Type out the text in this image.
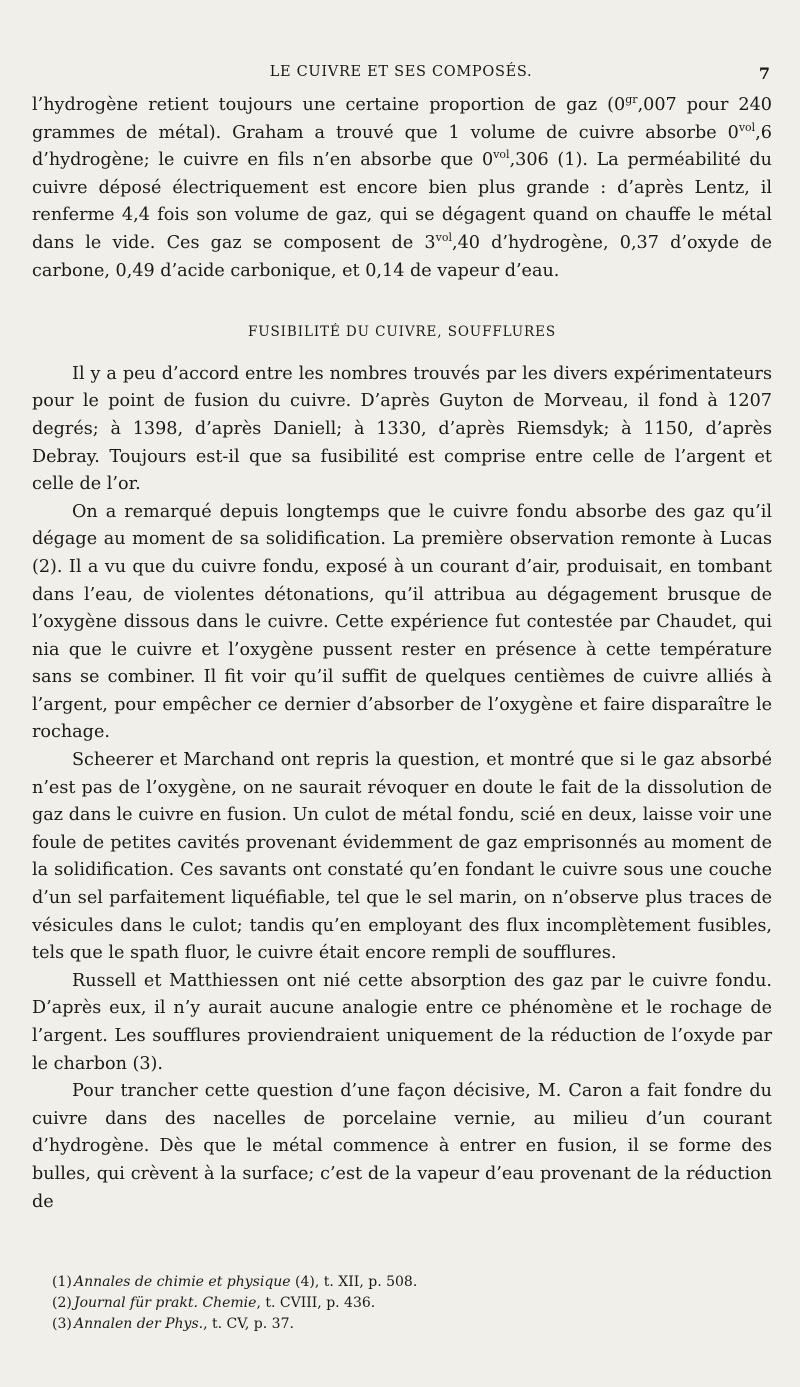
LE CUIVRE ET SES COMPOSÉS.	7

l’hydrogène retient toujours une certaine proportion de gaz ($0^{gr},007$ pour 240 grammes de métal). Graham a trouvé que 1 volume de cuivre absorbe $0^{vol},6$ d’hydrogène; le cuivre en fils n’en absorbe que $0^{vol},306$ (1). La perméabilité du cuivre déposé électriquement est encore bien plus grande : d’après Lentz, il renferme 4,4 fois son volume de gaz, qui se dégagent quand on chauffe le métal dans le vide. Ces gaz se composent de $3^{vol},40$ d’hydrogène, 0,37 d’oxyde de carbone, 0,49 d’acide carbonique, et 0,14 de vapeur d’eau.

FUSIBILITÉ DU CUIVRE, SOUFFLURES

Il y a peu d’accord entre les nombres trouvés par les divers expérimentateurs pour le point de fusion du cuivre. D’après Guyton de Morveau, il fond à 1207 degrés; à 1398, d’après Daniell; à 1330, d’après Riemsdyk; à 1150, d’après Debray. Toujours est-il que sa fusibilité est comprise entre celle de l’argent et celle de l’or.

On a remarqué depuis longtemps que le cuivre fondu absorbe des gaz qu’il dégage au moment de sa solidification. La première observation remonte à Lucas (2). Il a vu que du cuivre fondu, exposé à un courant d’air, produisait, en tombant dans l’eau, de violentes détonations, qu’il attribua au dégagement brusque de l’oxygène dissous dans le cuivre. Cette expérience fut contestée par Chaudet, qui nia que le cuivre et l’oxygène pussent rester en présence à cette température sans se combiner. Il fit voir qu’il suffit de quelques centièmes de cuivre alliés à l’argent, pour empêcher ce dernier d’absorber de l’oxygène et faire disparaître le rochage.

Scheerer et Marchand ont repris la question, et montré que si le gaz absorbé n’est pas de l’oxygène, on ne saurait révoquer en doute le fait de la dissolution de gaz dans le cuivre en fusion. Un culot de métal fondu, scié en deux, laisse voir une foule de petites cavités provenant évidemment de gaz emprisonnés au moment de la solidification. Ces savants ont constaté qu’en fondant le cuivre sous une couche d’un sel parfaitement liquéfiable, tel que le sel marin, on n’observe plus traces de vésicules dans le culot; tandis qu’en employant des flux incomplètement fusibles, tels que le spath fluor, le cuivre était encore rempli de soufflures.

Russell et Matthiessen ont nié cette absorption des gaz par le cuivre fondu. D’après eux, il n’y aurait aucune analogie entre ce phénomène et le rochage de l’argent. Les soufflures proviendraient uniquement de la réduction de l’oxyde par le charbon (3).

Pour trancher cette question d’une façon décisive, M. Caron a fait fondre du cuivre dans des nacelles de porcelaine vernie, au milieu d’un courant d’hydrogène. Dès que le métal commence à entrer en fusion, il se forme des bulles, qui crèvent à la surface; c’est de la vapeur d’eau provenant de la réduction de

(1) Annales de chimie et physique (4), t. XII, p. 508.

(2) Journal für prakt. Chemie, t. CVIII, p. 436.

(3) Annalen der Phys., t. CV, p. 37.
